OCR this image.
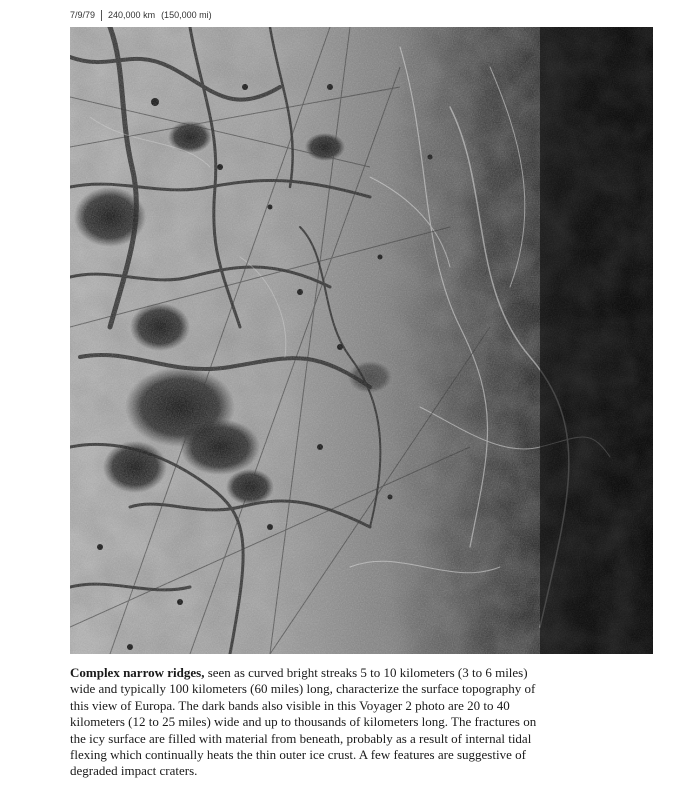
7/9/79 240,000 km (150,000 mi)
Complex narrow ridges, seen as curved bright streaks 5 to 10 kilometers (3 to 6 miles) wide and typically 100 kilometers (60 miles) long, characterize the surface topography of this view of Europa. The dark bands also visible in this Voyager 2 photo are 20 to 40 kilometers (12 to 25 miles) wide and up to thousands of kilometers long. The fractures on the icy surface are filled with material from beneath, probably as a result of internal tidal flexing which continually heats the thin outer ice crust. A few features are suggestive of degraded impact craters.
